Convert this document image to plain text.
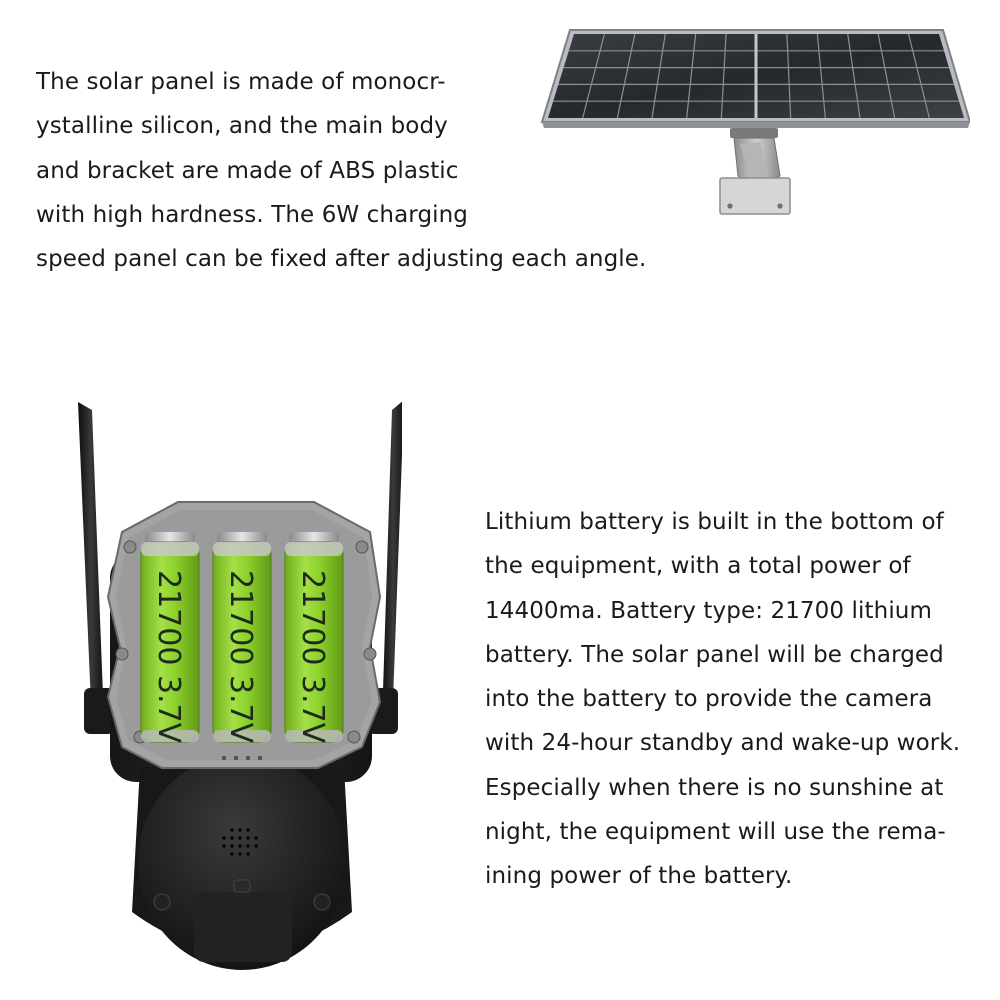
The solar panel is made of monocr-
ystalline silicon, and the main body
and bracket are made of ABS plastic
with high hardness. The 6W charging
speed panel can be fixed after adjusting each angle.

21700 3.7V 21700 3.7V 21700 3.7V

Lithium battery is built in the bottom of
the equipment, with a total power of
14400ma. Battery type: 21700 lithium
battery. The solar panel will be charged
into the battery to provide the camera
with 24-hour standby and wake-up work.
Especially when there is no sunshine at
night, the equipment will use the rema-
ining power of the battery.
